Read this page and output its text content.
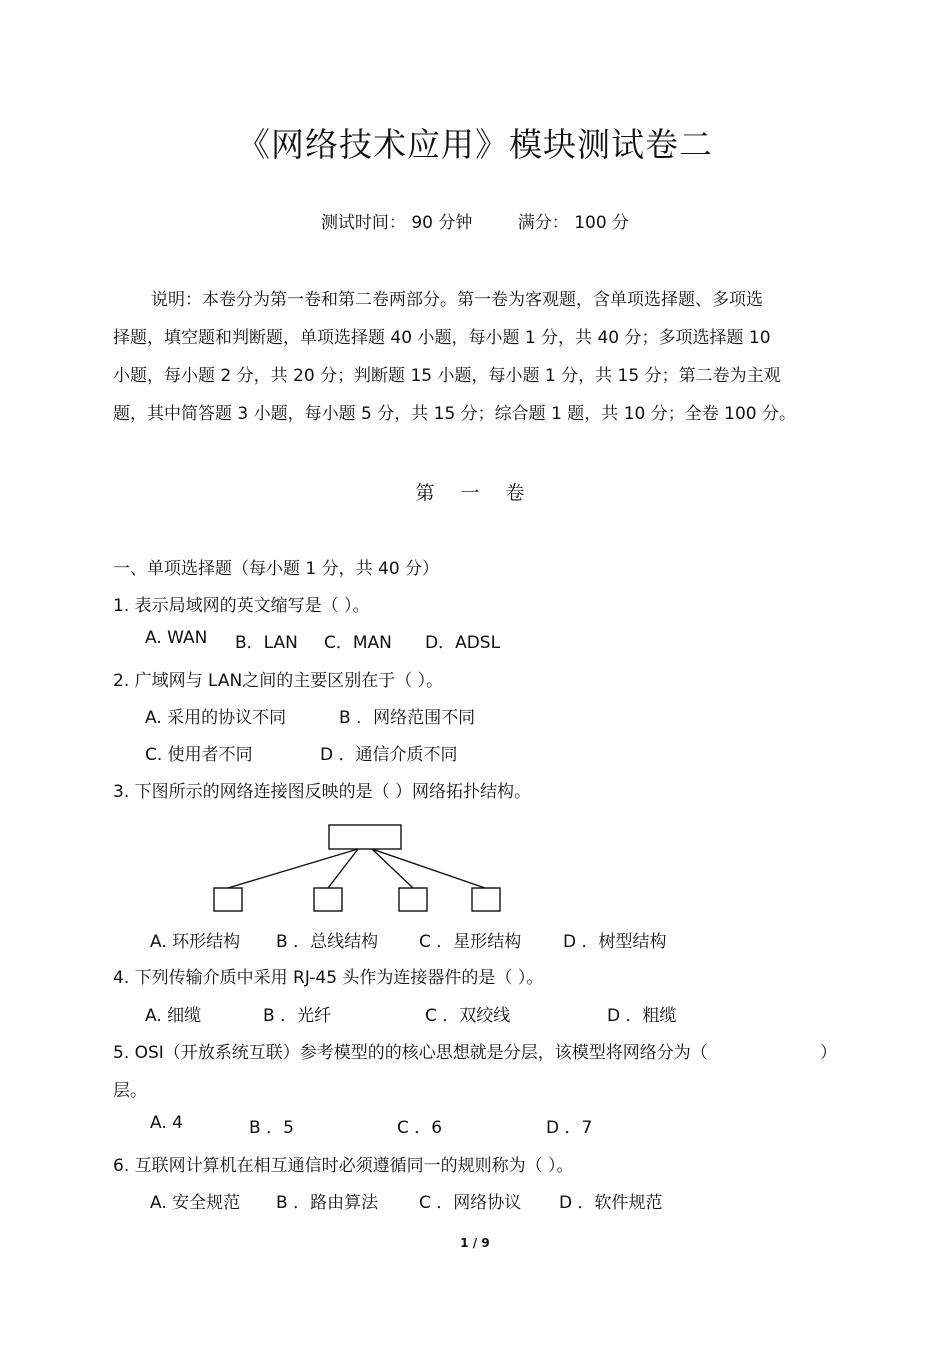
《网络技术应用》模块测试卷二
测试时间： 90 分钟	满分： 100 分
说明：本卷分为第一卷和第二卷两部分。第一卷为客观题，含单项选择题、多项选
择题，填空题和判断题，单项选择题 40 小题，每小题 1 分，共 40 分；多项选择题 10
小题，每小题 2 分，共 20 分；判断题 15 小题，每小题 1 分，共 15 分；第二卷为主观
题，其中简答题 3 小题，每小题 5 分，共 15 分；综合题 1 题，共 10 分；全卷 100 分。
第 一 卷
一、单项选择题（每小题 1 分，共 40 分）
1. 表示局域网的英文缩写是（ ）。
A. WAN B．LAN C．MAN D．ADSL
2. 广域网与 LAN之间的主要区别在于（ ）。
A. 采用的协议不同	B ．网络范围不同
C. 使用者不同	D ．通信介质不同
3. 下图所示的网络连接图反映的是（ ）网络拓扑结构。
A. 环形结构 B ．总线结构 C ．星形结构 D ．树型结构
4. 下列传输介质中采用 RJ-45 头作为连接器件的是（ ）。
A. 细缆	B ．光纤	C ．双绞线	D ．粗缆
5. OSI（开放系统互联）参考模型的的核心思想就是分层，该模型将网络分为（	）
层。
A. 4	B ．5	C ．6	D ．7
6. 互联网计算机在相互通信时必须遵循同一的规则称为（ ）。
A. 安全规范 B ．路由算法 C ．网络协议 D ．软件规范
1 / 9
